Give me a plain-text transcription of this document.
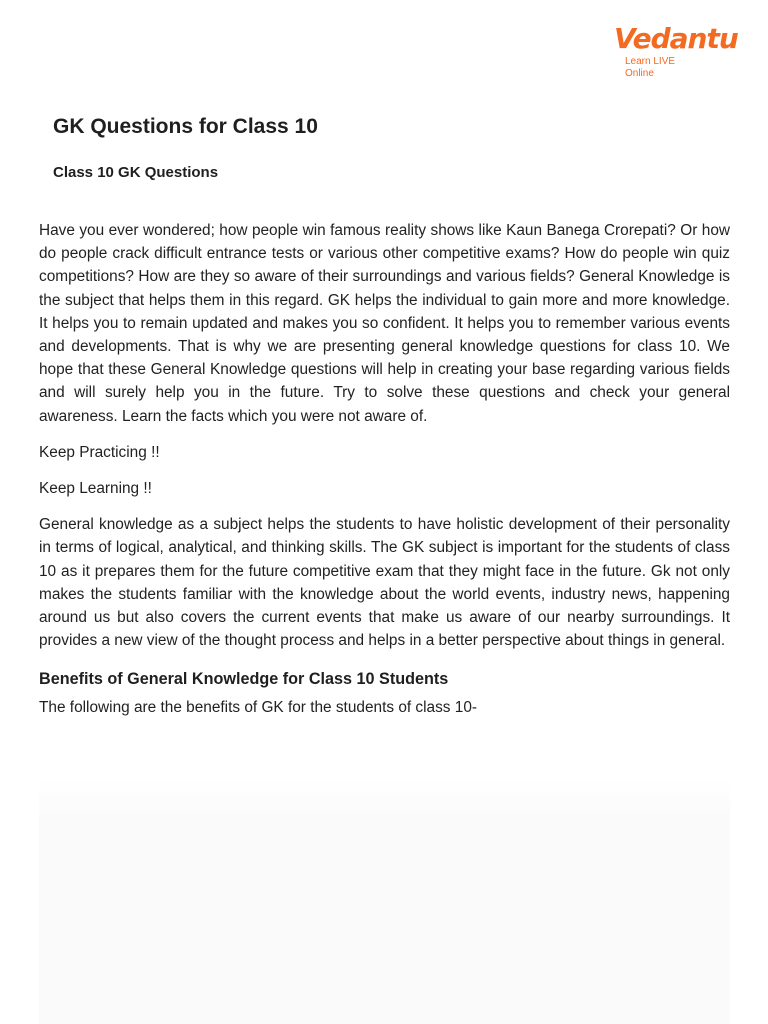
Vedantu
Learn LIVE Online
GK Questions for Class 10
Class 10 GK Questions

Have you ever wondered; how people win famous reality shows like Kaun Banega Crorepati? Or how do people crack difficult entrance tests or various other competitive exams? How do people win quiz competitions? How are they so aware of their surroundings and various fields? General Knowledge is the subject that helps them in this regard. GK helps the individual to gain more and more knowledge. It helps you to remain updated and makes you so confident. It helps you to remember various events and developments. That is why we are presenting general knowledge questions for class 10. We hope that these General Knowledge questions will help in creating your base regarding various fields and will surely help you in the future. Try to solve these questions and check your general awareness. Learn the facts which you were not aware of.

Keep Practicing !!

Keep Learning !!

General knowledge as a subject helps the students to have holistic development of their personality in terms of logical, analytical, and thinking skills. The GK subject is important for the students of class 10 as it prepares them for the future competitive exam that they might face in the future. Gk not only makes the students familiar with the knowledge about the world events, industry news, happening around us but also covers the current events that make us aware of our nearby surroundings. It provides a new view of the thought process and helps in a better perspective about things in general.

Benefits of General Knowledge for Class 10 Students

The following are the benefits of GK for the students of class 10-
